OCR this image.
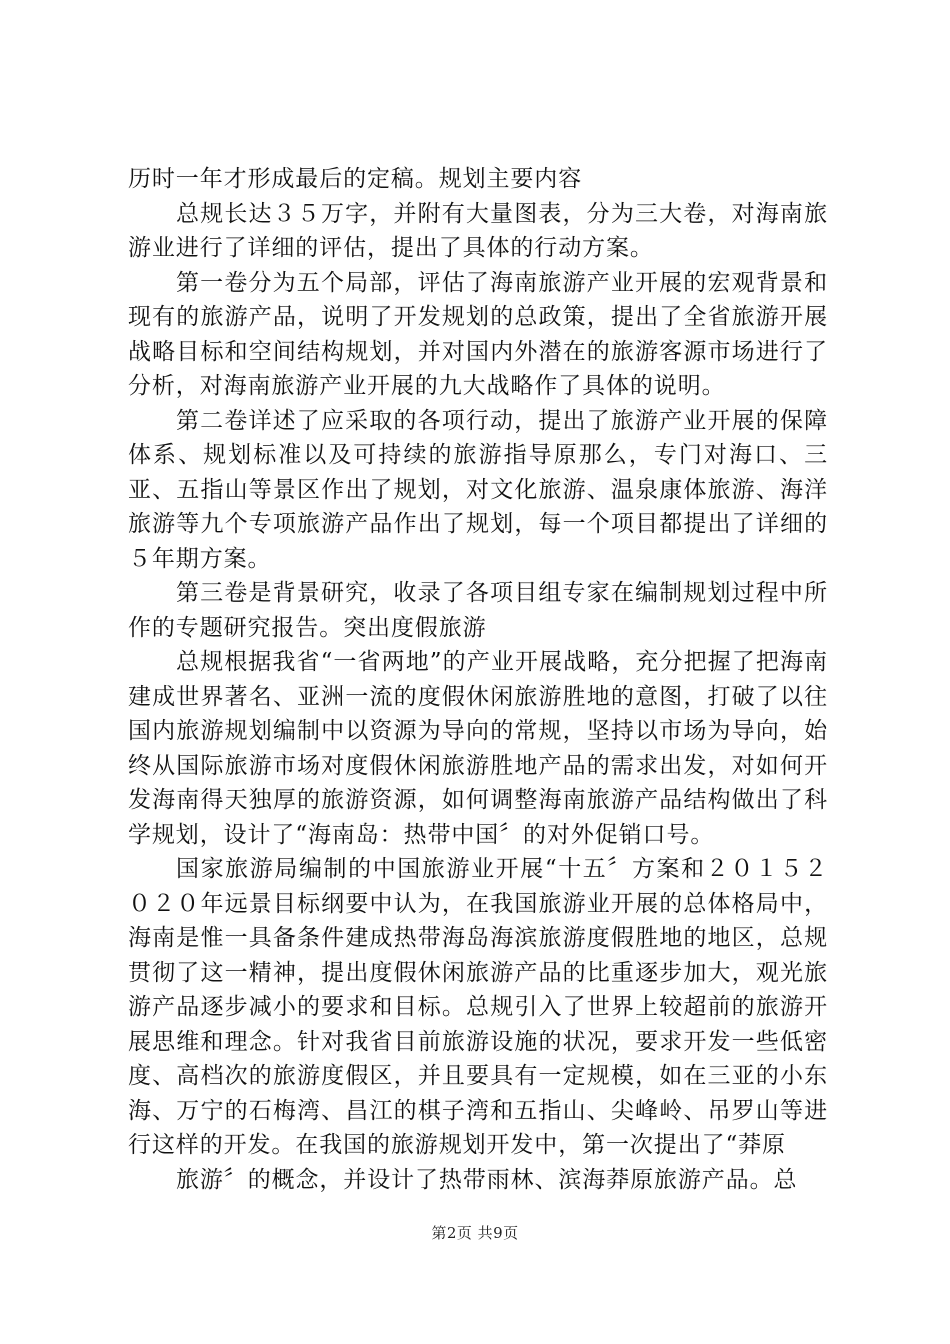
历时一年才形成最后的定稿。规划主要内容

总规长达３５万字，并附有大量图表，分为三大卷，对海南旅游业进行了详细的评估，提出了具体的行动方案。

第一卷分为五个局部，评估了海南旅游产业开展的宏观背景和现有的旅游产品，说明了开发规划的总政策，提出了全省旅游开展战略目标和空间结构规划，并对国内外潜在的旅游客源市场进行了分析，对海南旅游产业开展的九大战略作了具体的说明。

第二卷详述了应采取的各项行动，提出了旅游产业开展的保障体系、规划标准以及可持续的旅游指导原那么，专门对海口、三亚、五指山等景区作出了规划，对文化旅游、温泉康体旅游、海洋旅游等九个专项旅游产品作出了规划，每一个项目都提出了详细的５年期方案。

第三卷是背景研究，收录了各项目组专家在编制规划过程中所作的专题研究报告。突出度假旅游

总规根据我省“一省两地”的产业开展战略，充分把握了把海南建成世界著名、亚洲一流的度假休闲旅游胜地的意图，打破了以往国内旅游规划编制中以资源为导向的常规，坚持以市场为导向，始终从国际旅游市场对度假休闲旅游胜地产品的需求出发，对如何开发海南得天独厚的旅游资源，如何调整海南旅游产品结构做出了科学规划，设计了“海南岛：热带中国〞的对外促销口号。

国家旅游局编制的中国旅游业开展“十五〞方案和２０１５２０２０年远景目标纲要中认为，在我国旅游业开展的总体格局中，海南是惟一具备条件建成热带海岛海滨旅游度假胜地的地区，总规贯彻了这一精神，提出度假休闲旅游产品的比重逐步加大，观光旅游产品逐步减小的要求和目标。总规引入了世界上较超前的旅游开展思维和理念。针对我省目前旅游设施的状况，要求开发一些低密度、高档次的旅游度假区，并且要具有一定规模，如在三亚的小东海、万宁的石梅湾、昌江的棋子湾和五指山、尖峰岭、吊罗山等进行这样的开发。在我国的旅游规划开发中，第一次提出了“莽原

旅游〞的概念，并设计了热带雨林、滨海莽原旅游产品。总

第2页 共9页
